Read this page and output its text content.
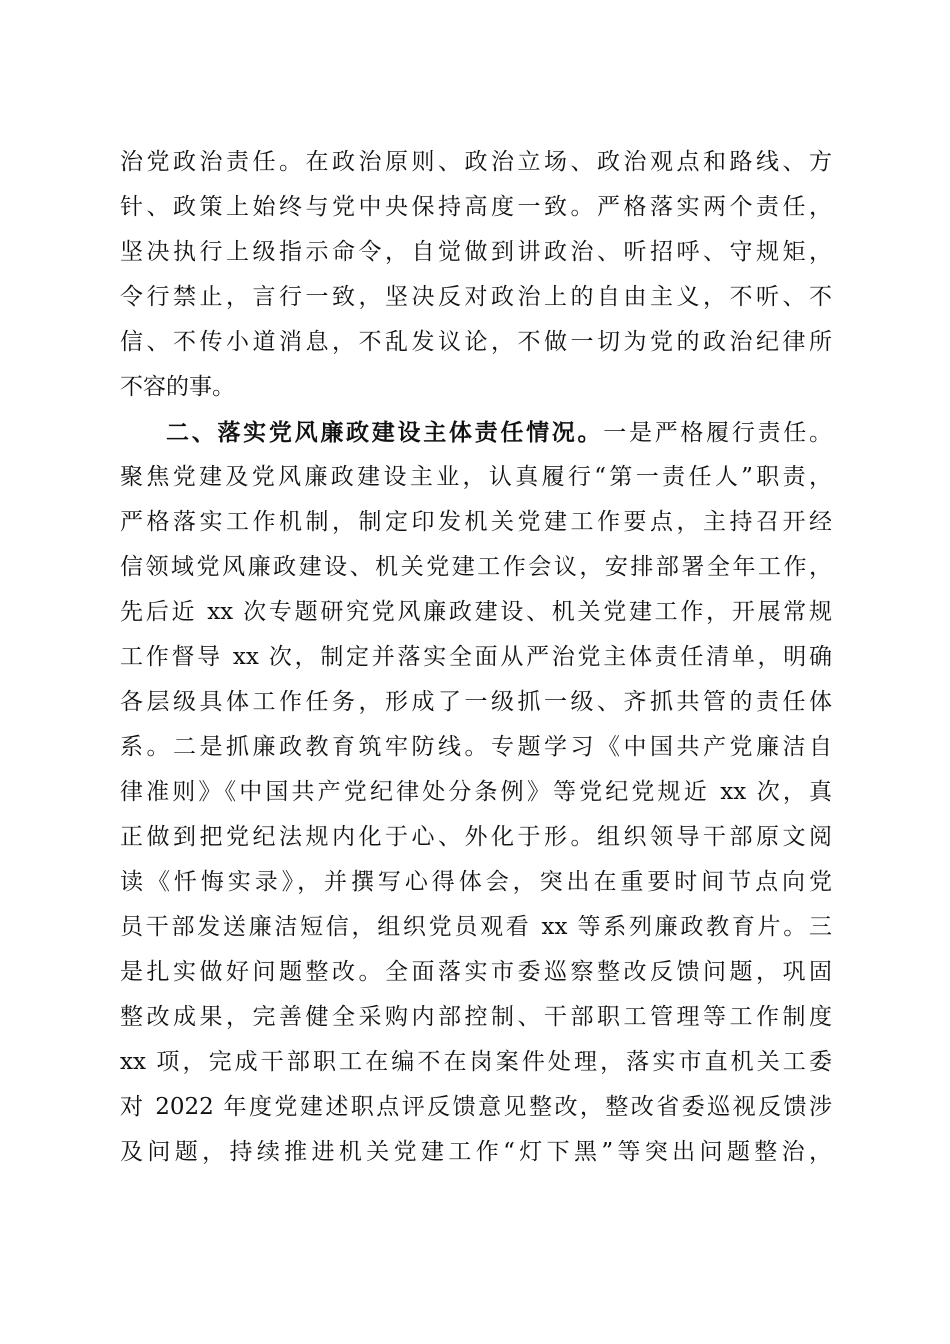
治党政治责任。在政治原则、政治立场、政治观点和路线、方
针、政策上始终与党中央保持高度一致。严格落实两个责任，
坚决执行上级指示命令，自觉做到讲政治、听招呼、守规矩，
令行禁止，言行一致，坚决反对政治上的自由主义，不听、不
信、不传小道消息，不乱发议论，不做一切为党的政治纪律所
不容的事。
二、落实党风廉政建设主体责任情况。一是严格履行责任。
聚焦党建及党风廉政建设主业，认真履行“第一责任人”职责，
严格落实工作机制，制定印发机关党建工作要点，主持召开经
信领域党风廉政建设、机关党建工作会议，安排部署全年工作，
先后近 xx 次专题研究党风廉政建设、机关党建工作，开展常规
工作督导 xx 次，制定并落实全面从严治党主体责任清单，明确
各层级具体工作任务，形成了一级抓一级、齐抓共管的责任体
系。二是抓廉政教育筑牢防线。专题学习《中国共产党廉洁自
律准则》《中国共产党纪律处分条例》等党纪党规近 xx 次，真
正做到把党纪法规内化于心、外化于形。组织领导干部原文阅
读《忏悔实录》，并撰写心得体会，突出在重要时间节点向党
员干部发送廉洁短信，组织党员观看 xx 等系列廉政教育片。三
是扎实做好问题整改。全面落实市委巡察整改反馈问题，巩固
整改成果，完善健全采购内部控制、干部职工管理等工作制度
xx 项，完成干部职工在编不在岗案件处理，落实市直机关工委
对 2022 年度党建述职点评反馈意见整改，整改省委巡视反馈涉
及问题，持续推进机关党建工作“灯下黑”等突出问题整治，
